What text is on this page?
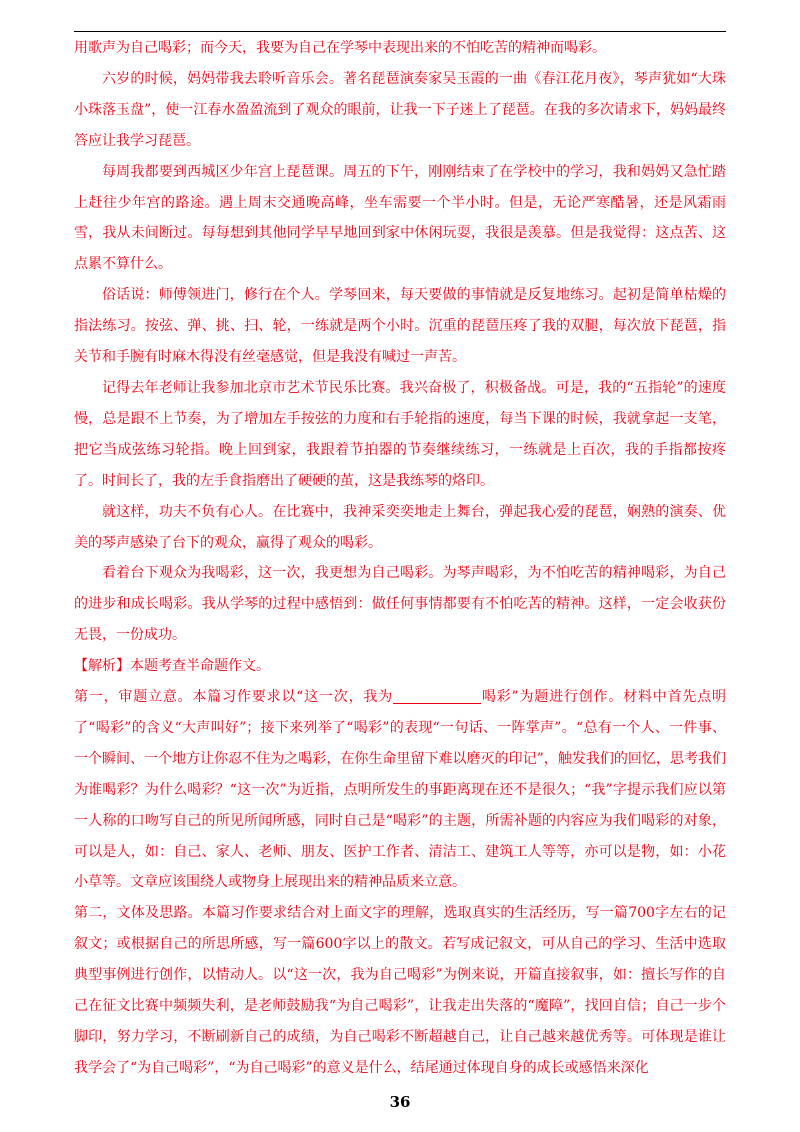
用歌声为自己喝彩；而今天，我要为自己在学琴中表现出来的不怕吃苦的精神而喝彩。

六岁的时候，妈妈带我去聆听音乐会。著名琵琶演奏家吴玉霞的一曲《春江花月夜》，琴声犹如“大珠小珠落玉盘”，使一江春水盈盈流到了观众的眼前，让我一下子迷上了琵琶。在我的多次请求下，妈妈最终答应让我学习琵琶。

每周我都要到西城区少年宫上琵琶课。周五的下午，刚刚结束了在学校中的学习，我和妈妈又急忙踏上赶往少年宫的路途。遇上周末交通晚高峰，坐车需要一个半小时。但是，无论严寒酷暑，还是风霜雨雪，我从未间断过。每每想到其他同学早早地回到家中休闲玩耍，我很是羡慕。但是我觉得：这点苦、这点累不算什么。

俗话说：师傅领进门，修行在个人。学琴回来，每天要做的事情就是反复地练习。起初是简单枯燥的指法练习。按弦、弹、挑、扫、轮，一练就是两个小时。沉重的琵琶压疼了我的双腿，每次放下琵琶，指关节和手腕有时麻木得没有丝毫感觉，但是我没有喊过一声苦。

记得去年老师让我参加北京市艺术节民乐比赛。我兴奋极了，积极备战。可是，我的“五指轮”的速度慢，总是跟不上节奏，为了增加左手按弦的力度和右手轮指的速度，每当下课的时候，我就拿起一支笔，把它当成弦练习轮指。晚上回到家，我跟着节拍器的节奏继续练习，一练就是上百次，我的手指都按疼了。时间长了，我的左手食指磨出了硬硬的茧，这是我练琴的烙印。

就这样，功夫不负有心人。在比赛中，我神采奕奕地走上舞台，弹起我心爱的琵琶，娴熟的演奏、优美的琴声感染了台下的观众，赢得了观众的喝彩。

看着台下观众为我喝彩，这一次，我更想为自己喝彩。为琴声喝彩，为不怕吃苦的精神喝彩，为自己的进步和成长喝彩。我从学琴的过程中感悟到：做任何事情都要有不怕吃苦的精神。这样，一定会收获份无畏，一份成功。

【解析】本题考查半命题作文。

第一，审题立意。本篇习作要求以“这一次，我为	喝彩”为题进行创作。材料中首先点明了“喝彩”的含义“大声叫好”；接下来列举了“喝彩”的表现“一句话、一阵掌声”。“总有一个人、一件事、一个瞬间、一个地方让你忍不住为之喝彩，在你生命里留下难以磨灭的印记”，触发我们的回忆，思考我们为谁喝彩？为什么喝彩？“这一次”为近指，点明所发生的事距离现在还不是很久；“我”字提示我们应以第一人称的口吻写自己的所见所闻所感，同时自己是“喝彩”的主题，所需补题的内容应为我们喝彩的对象，可以是人，如：自己、家人、老师、朋友、医护工作者、清洁工、建筑工人等等，亦可以是物，如：小花小草等。文章应该围绕人或物身上展现出来的精神品质来立意。

第二，文体及思路。本篇习作要求结合对上面文字的理解，选取真实的生活经历，写一篇700字左右的记叙文；或根据自己的所思所感，写一篇600字以上的散文。若写成记叙文，可从自己的学习、生活中选取典型事例进行创作，以情动人。以“这一次，我为自己喝彩”为例来说，开篇直接叙事，如：擅长写作的自己在征文比赛中频频失利，是老师鼓励我“为自己喝彩”，让我走出失落的“魔障”，找回自信；自己一步个脚印，努力学习，不断刷新自己的成绩，为自己喝彩不断超越自己，让自己越来越优秀等。可体现是谁让我学会了“为自己喝彩”，“为自己喝彩”的意义是什么，结尾通过体现自身的成长或感悟来深化

36
